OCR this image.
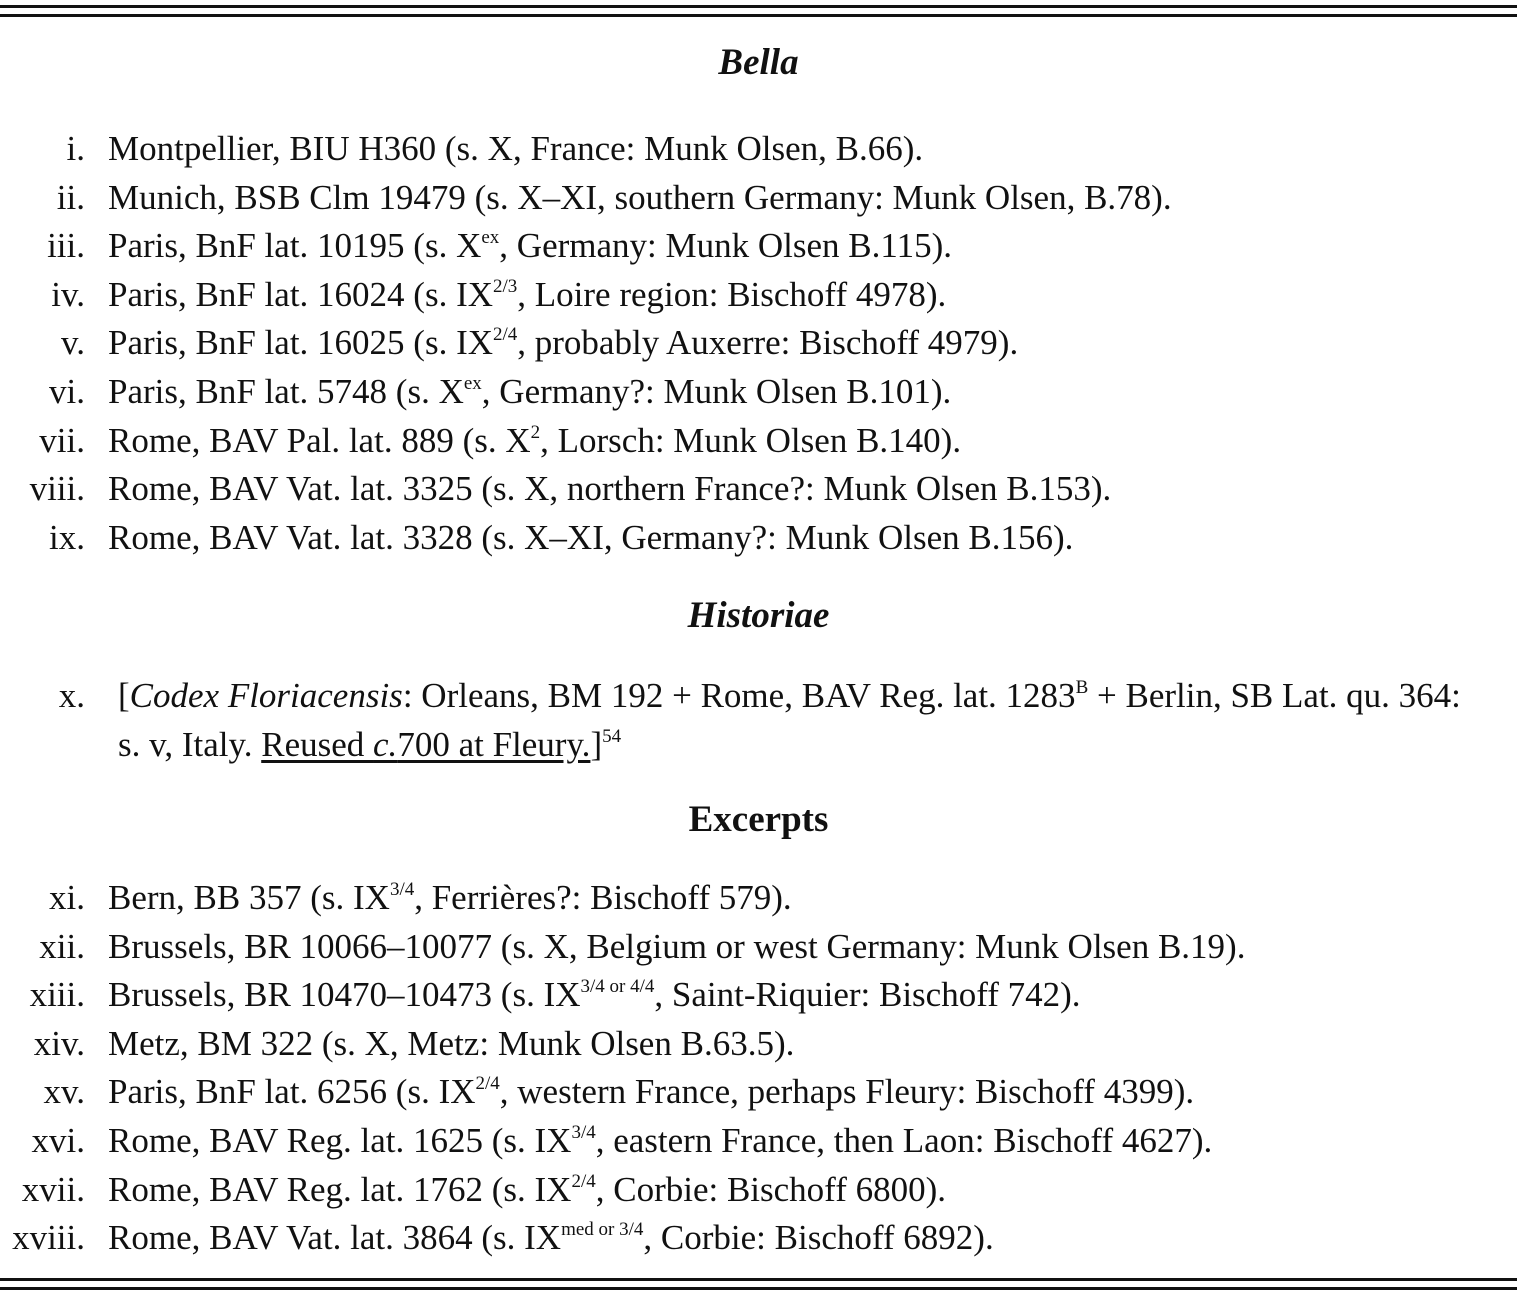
Bella
i. Montpellier, BIU H360 (s. X, France: Munk Olsen, B.66).
ii. Munich, BSB Clm 19479 (s. X–XI, southern Germany: Munk Olsen, B.78).
iii. Paris, BnF lat. 10195 (s. $X^{ex}$, Germany: Munk Olsen B.115).
iv. Paris, BnF lat. 16024 (s. $IX^{2/3}$, Loire region: Bischoff 4978).
v. Paris, BnF lat. 16025 (s. $IX^{2/4}$, probably Auxerre: Bischoff 4979).
vi. Paris, BnF lat. 5748 (s. $X^{ex}$, Germany?: Munk Olsen B.101).
vii. Rome, BAV Pal. lat. 889 (s. $X^2$, Lorsch: Munk Olsen B.140).
viii. Rome, BAV Vat. lat. 3325 (s. X, northern France?: Munk Olsen B.153).
ix. Rome, BAV Vat. lat. 3328 (s. X–XI, Germany?: Munk Olsen B.156).
Historiae
x. [Codex Floriacensis: Orleans, BM 192 + Rome, BAV Reg. lat. $1283^B$ + Berlin, SB Lat. qu. 364: s. v, Italy. Reused c.700 at Fleury.]$^{54}$
Excerpts
xi. Bern, BB 357 (s. $IX^{3/4}$, Ferrières?: Bischoff 579).
xii. Brussels, BR 10066–10077 (s. X, Belgium or west Germany: Munk Olsen B.19).
xiii. Brussels, BR 10470–10473 (s. $IX^{3/4 or 4/4}$, Saint-Riquier: Bischoff 742).
xiv. Metz, BM 322 (s. X, Metz: Munk Olsen B.63.5).
xv. Paris, BnF lat. 6256 (s. $IX^{2/4}$, western France, perhaps Fleury: Bischoff 4399).
xvi. Rome, BAV Reg. lat. 1625 (s. $IX^{3/4}$, eastern France, then Laon: Bischoff 4627).
xvii. Rome, BAV Reg. lat. 1762 (s. $IX^{2/4}$, Corbie: Bischoff 6800).
xviii. Rome, BAV Vat. lat. 3864 (s. $IX^{med or 3/4}$, Corbie: Bischoff 6892).
